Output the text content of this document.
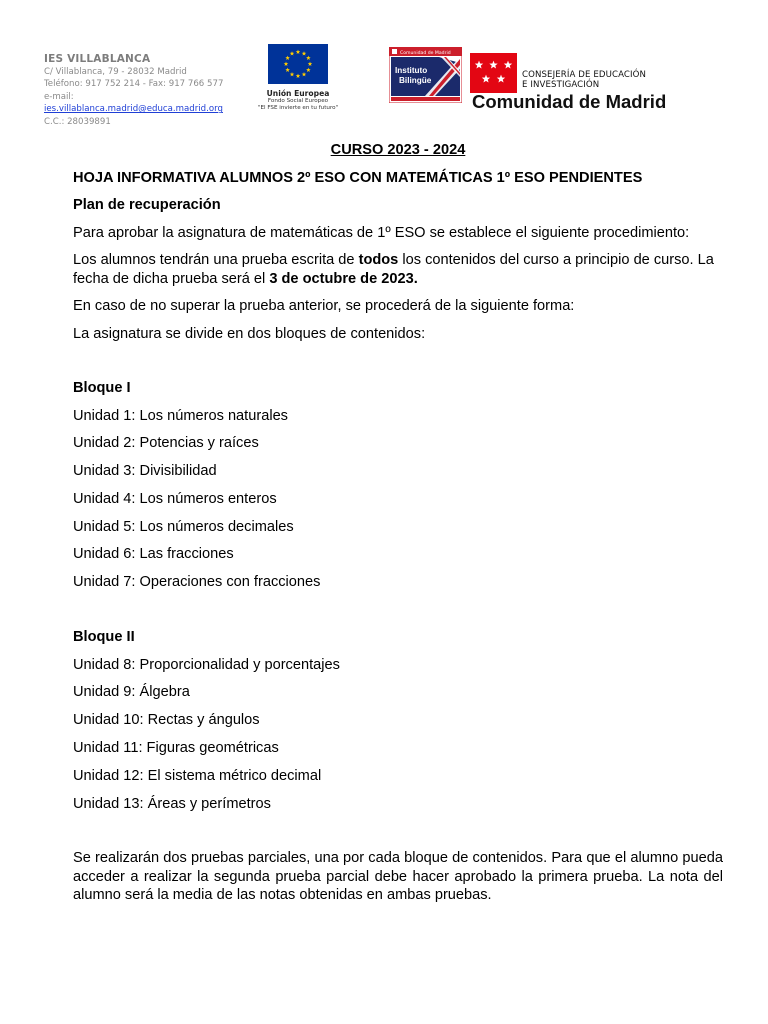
IES VILLABLANCA
C/ Villablanca, 79 - 28032 Madrid
Teléfono: 917 752 214 - Fax: 917 766 577
e-mail:
ies.villablanca.madrid@educa.madrid.org
C.C.: 28039891
Unión Europea
Fondo Social Europeo
"El FSE invierte en tu futuro"
Comunidad de Madrid
Instituto
Bilingüe
CONSEJERÍA DE EDUCACIÓN
E INVESTIGACIÓN
Comunidad de Madrid

CURSO 2023 - 2024

HOJA INFORMATIVA ALUMNOS 2º ESO CON MATEMÁTICAS 1º ESO PENDIENTES

Plan de recuperación

Para aprobar la asignatura de matemáticas de 1º ESO se establece el siguiente procedimiento:

Los alumnos tendrán una prueba escrita de todos los contenidos del curso a principio de curso. La fecha de dicha prueba será el 3 de octubre de 2023.

En caso de no superar la prueba anterior, se procederá de la siguiente forma:

La asignatura se divide en dos bloques de contenidos:

Bloque I

Unidad 1: Los números naturales

Unidad 2: Potencias y raíces

Unidad 3: Divisibilidad

Unidad 4: Los números enteros

Unidad 5: Los números decimales

Unidad 6: Las fracciones

Unidad 7: Operaciones con fracciones

Bloque II

Unidad 8: Proporcionalidad y porcentajes

Unidad 9: Álgebra

Unidad 10: Rectas y ángulos

Unidad 11: Figuras geométricas

Unidad 12: El sistema métrico decimal

Unidad 13: Áreas y perímetros

Se realizarán dos pruebas parciales, una por cada bloque de contenidos. Para que el alumno pueda acceder a realizar la segunda prueba parcial debe hacer aprobado la primera prueba. La nota del alumno será la media de las notas obtenidas en ambas pruebas.
